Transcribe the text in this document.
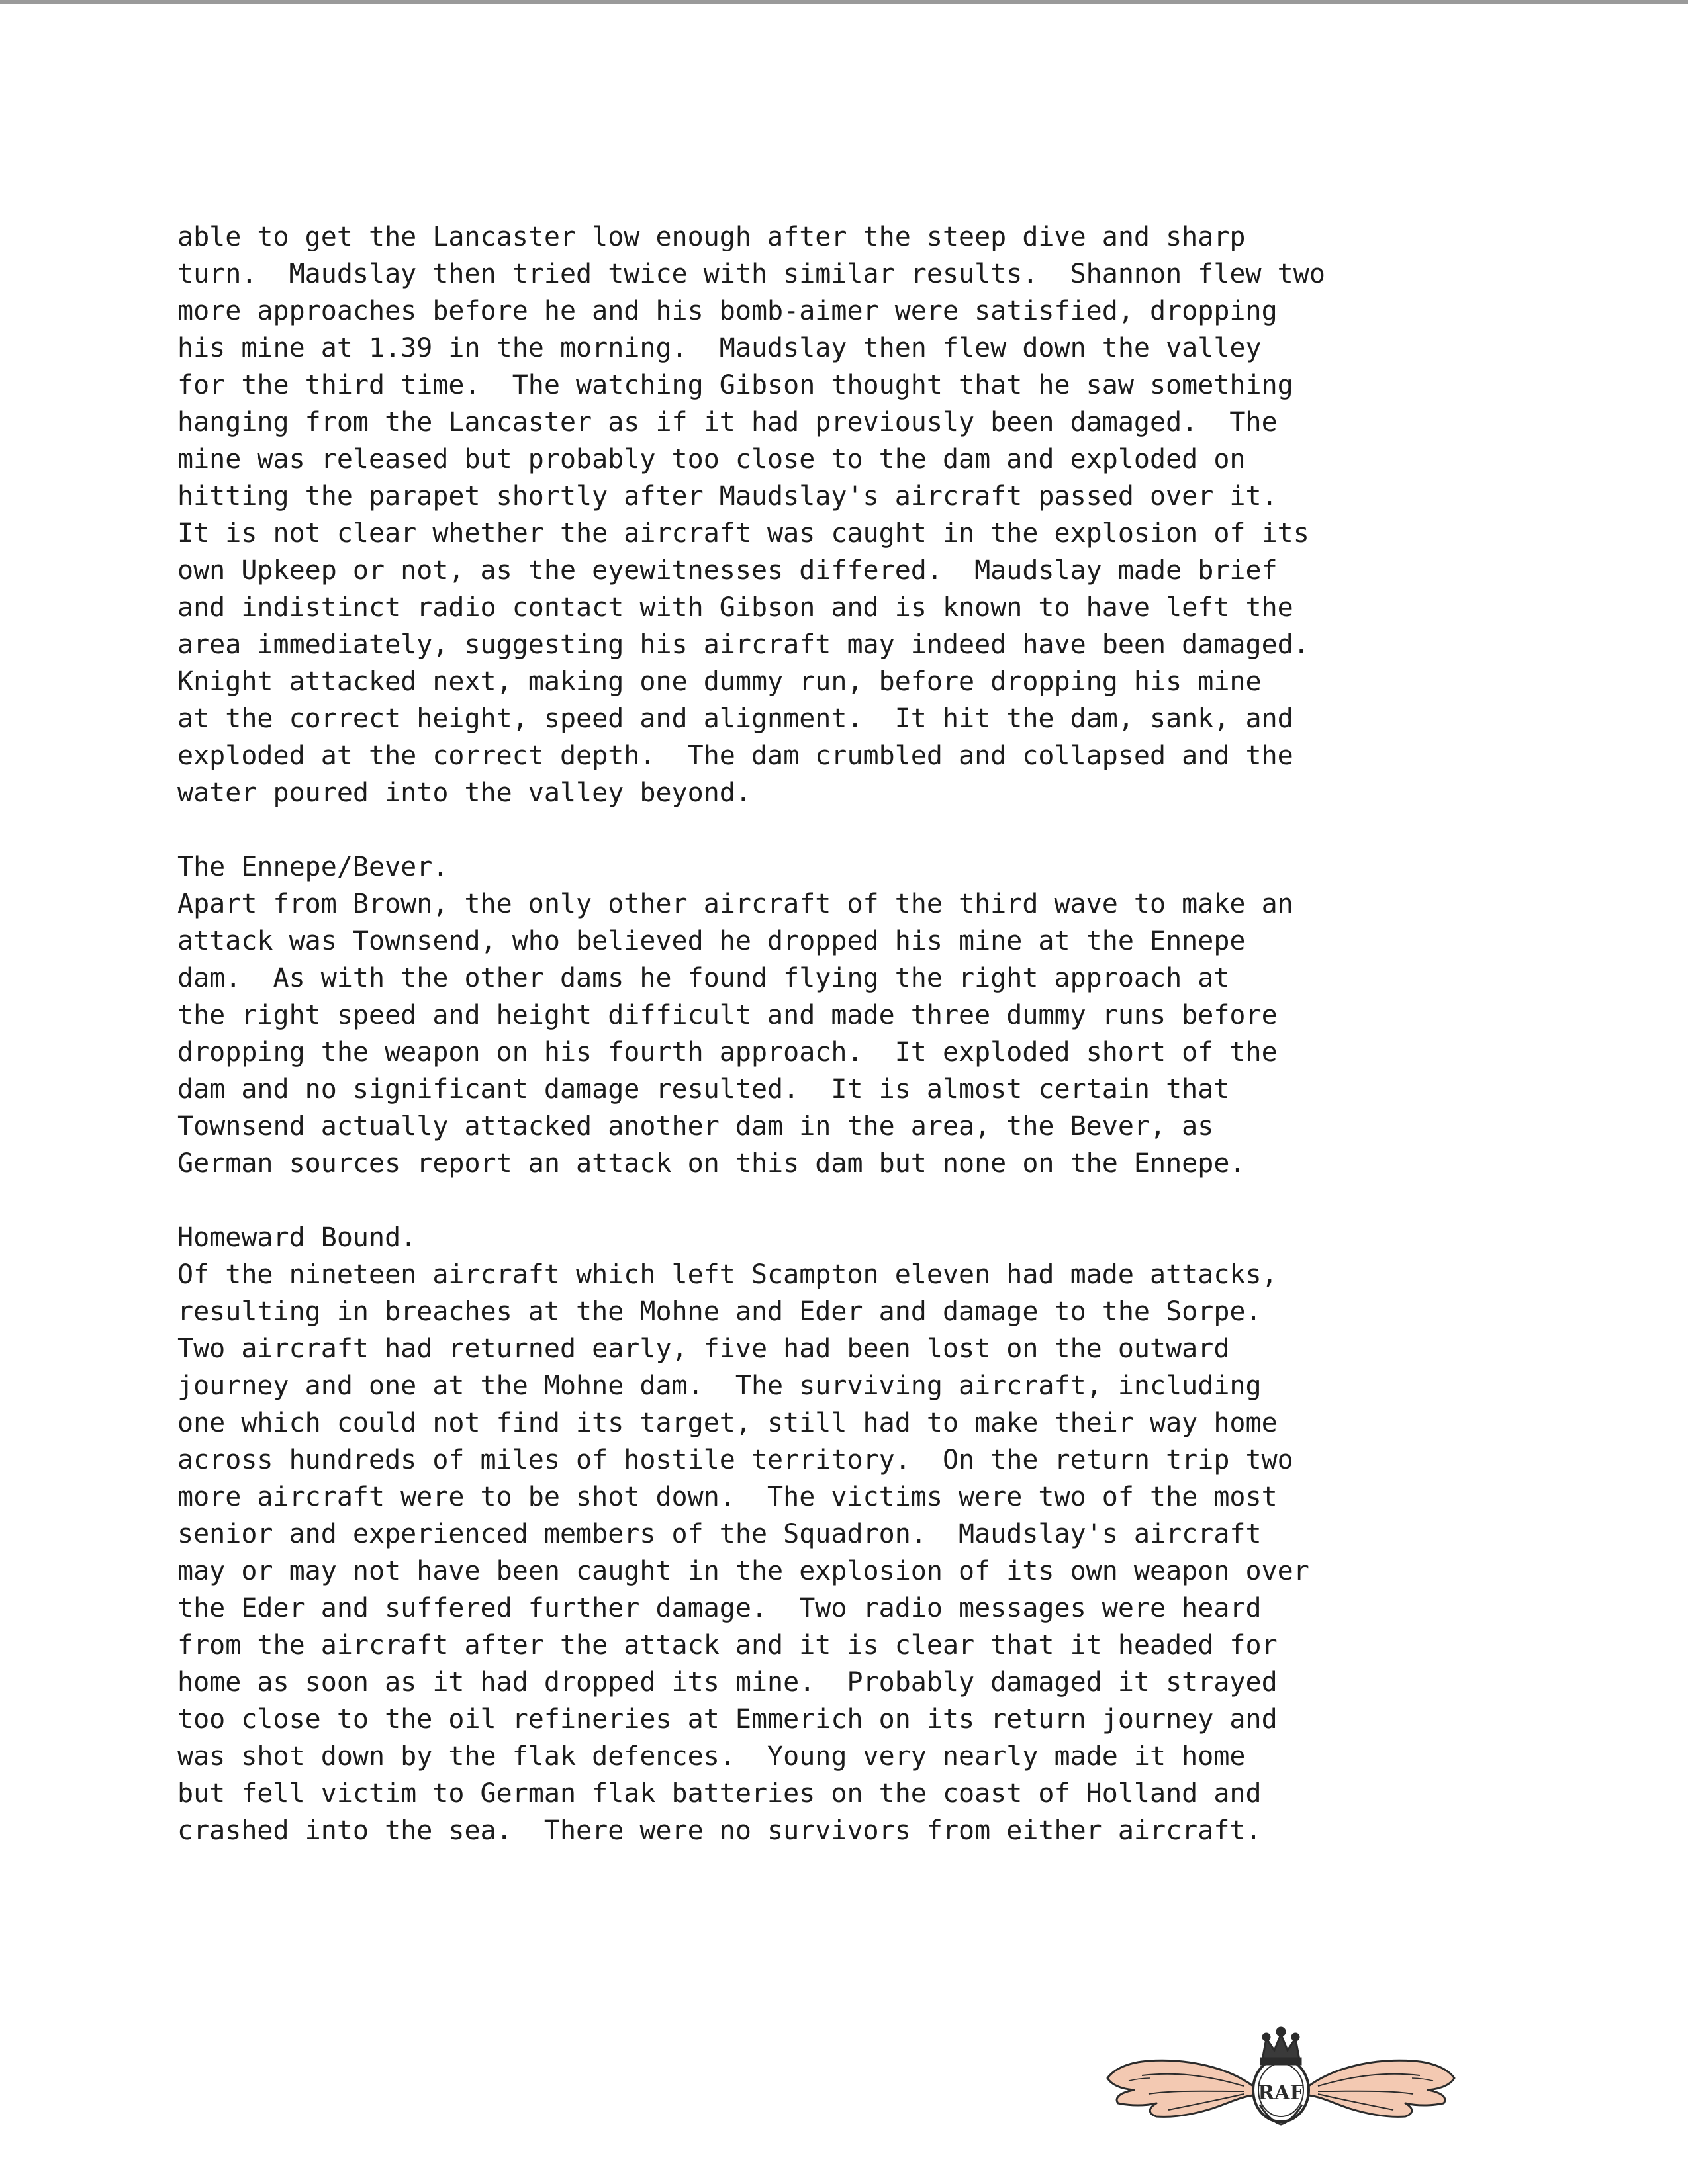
able to get the Lancaster low enough after the steep dive and sharp
turn.  Maudslay then tried twice with similar results.  Shannon flew two
more approaches before he and his bomb-aimer were satisfied, dropping
his mine at 1.39 in the morning.  Maudslay then flew down the valley
for the third time.  The watching Gibson thought that he saw something
hanging from the Lancaster as if it had previously been damaged.  The
mine was released but probably too close to the dam and exploded on
hitting the parapet shortly after Maudslay's aircraft passed over it.
It is not clear whether the aircraft was caught in the explosion of its
own Upkeep or not, as the eyewitnesses differed.  Maudslay made brief
and indistinct radio contact with Gibson and is known to have left the
area immediately, suggesting his aircraft may indeed have been damaged.
Knight attacked next, making one dummy run, before dropping his mine
at the correct height, speed and alignment.  It hit the dam, sank, and
exploded at the correct depth.  The dam crumbled and collapsed and the
water poured into the valley beyond.
The Ennepe/Bever.
Apart from Brown, the only other aircraft of the third wave to make an
attack was Townsend, who believed he dropped his mine at the Ennepe
dam.  As with the other dams he found flying the right approach at
the right speed and height difficult and made three dummy runs before
dropping the weapon on his fourth approach.  It exploded short of the
dam and no significant damage resulted.  It is almost certain that
Townsend actually attacked another dam in the area, the Bever, as
German sources report an attack on this dam but none on the Ennepe.
Homeward Bound.
Of the nineteen aircraft which left Scampton eleven had made attacks,
resulting in breaches at the Mohne and Eder and damage to the Sorpe.
Two aircraft had returned early, five had been lost on the outward
journey and one at the Mohne dam.  The surviving aircraft, including
one which could not find its target, still had to make their way home
across hundreds of miles of hostile territory.  On the return trip two
more aircraft were to be shot down.  The victims were two of the most
senior and experienced members of the Squadron.  Maudslay's aircraft
may or may not have been caught in the explosion of its own weapon over
the Eder and suffered further damage.  Two radio messages were heard
from the aircraft after the attack and it is clear that it headed for
home as soon as it had dropped its mine.  Probably damaged it strayed
too close to the oil refineries at Emmerich on its return journey and
was shot down by the flak defences.  Young very nearly made it home
but fell victim to German flak batteries on the coast of Holland and
crashed into the sea.  There were no survivors from either aircraft.
RAF
